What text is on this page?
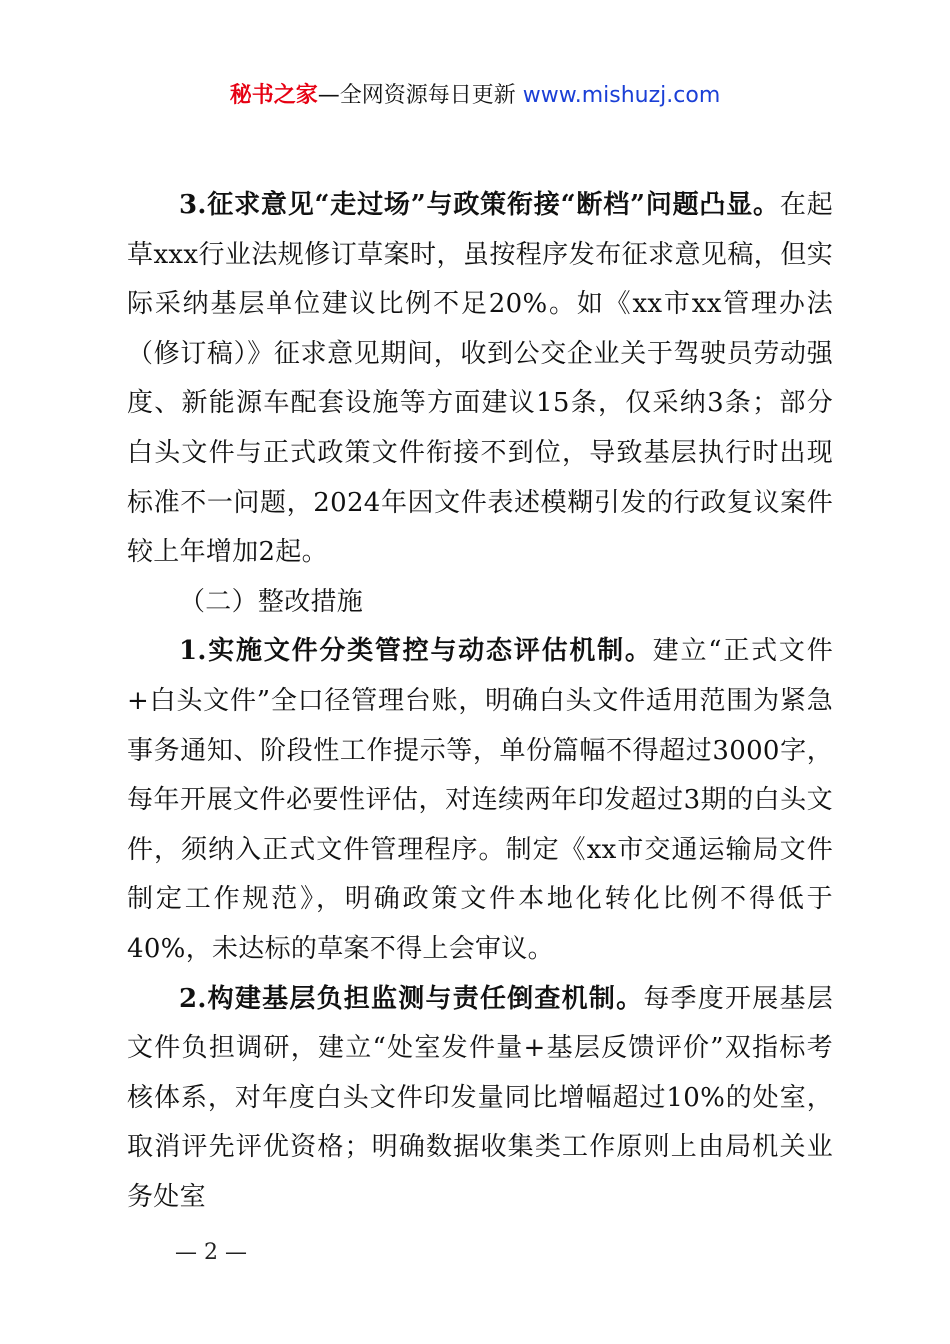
秘书之家—全网资源每日更新 www.mishuzj.com

3.征求意见“走过场”与政策衔接“断档”问题凸显。在起草xxx行业法规修订草案时，虽按程序发布征求意见稿，但实际采纳基层单位建议比例不足20%。如《xx市xx管理办法（修订稿）》征求意见期间，收到公交企业关于驾驶员劳动强度、新能源车配套设施等方面建议15条，仅采纳3条；部分白头文件与正式政策文件衔接不到位，导致基层执行时出现标准不一问题，2024年因文件表述模糊引发的行政复议案件较上年增加2起。

（二）整改措施

1.实施文件分类管控与动态评估机制。建立“正式文件+白头文件”全口径管理台账，明确白头文件适用范围为紧急事务通知、阶段性工作提示等，单份篇幅不得超过3000字，每年开展文件必要性评估，对连续两年印发超过3期的白头文件，须纳入正式文件管理程序。制定《xx市交通运输局文件制定工作规范》，明确政策文件本地化转化比例不得低于40%，未达标的草案不得上会审议。

2.构建基层负担监测与责任倒查机制。每季度开展基层文件负担调研，建立“处室发件量+基层反馈评价”双指标考核体系，对年度白头文件印发量同比增幅超过10%的处室，取消评先评优资格；明确数据收集类工作原则上由局机关业务处室

— 2 —
